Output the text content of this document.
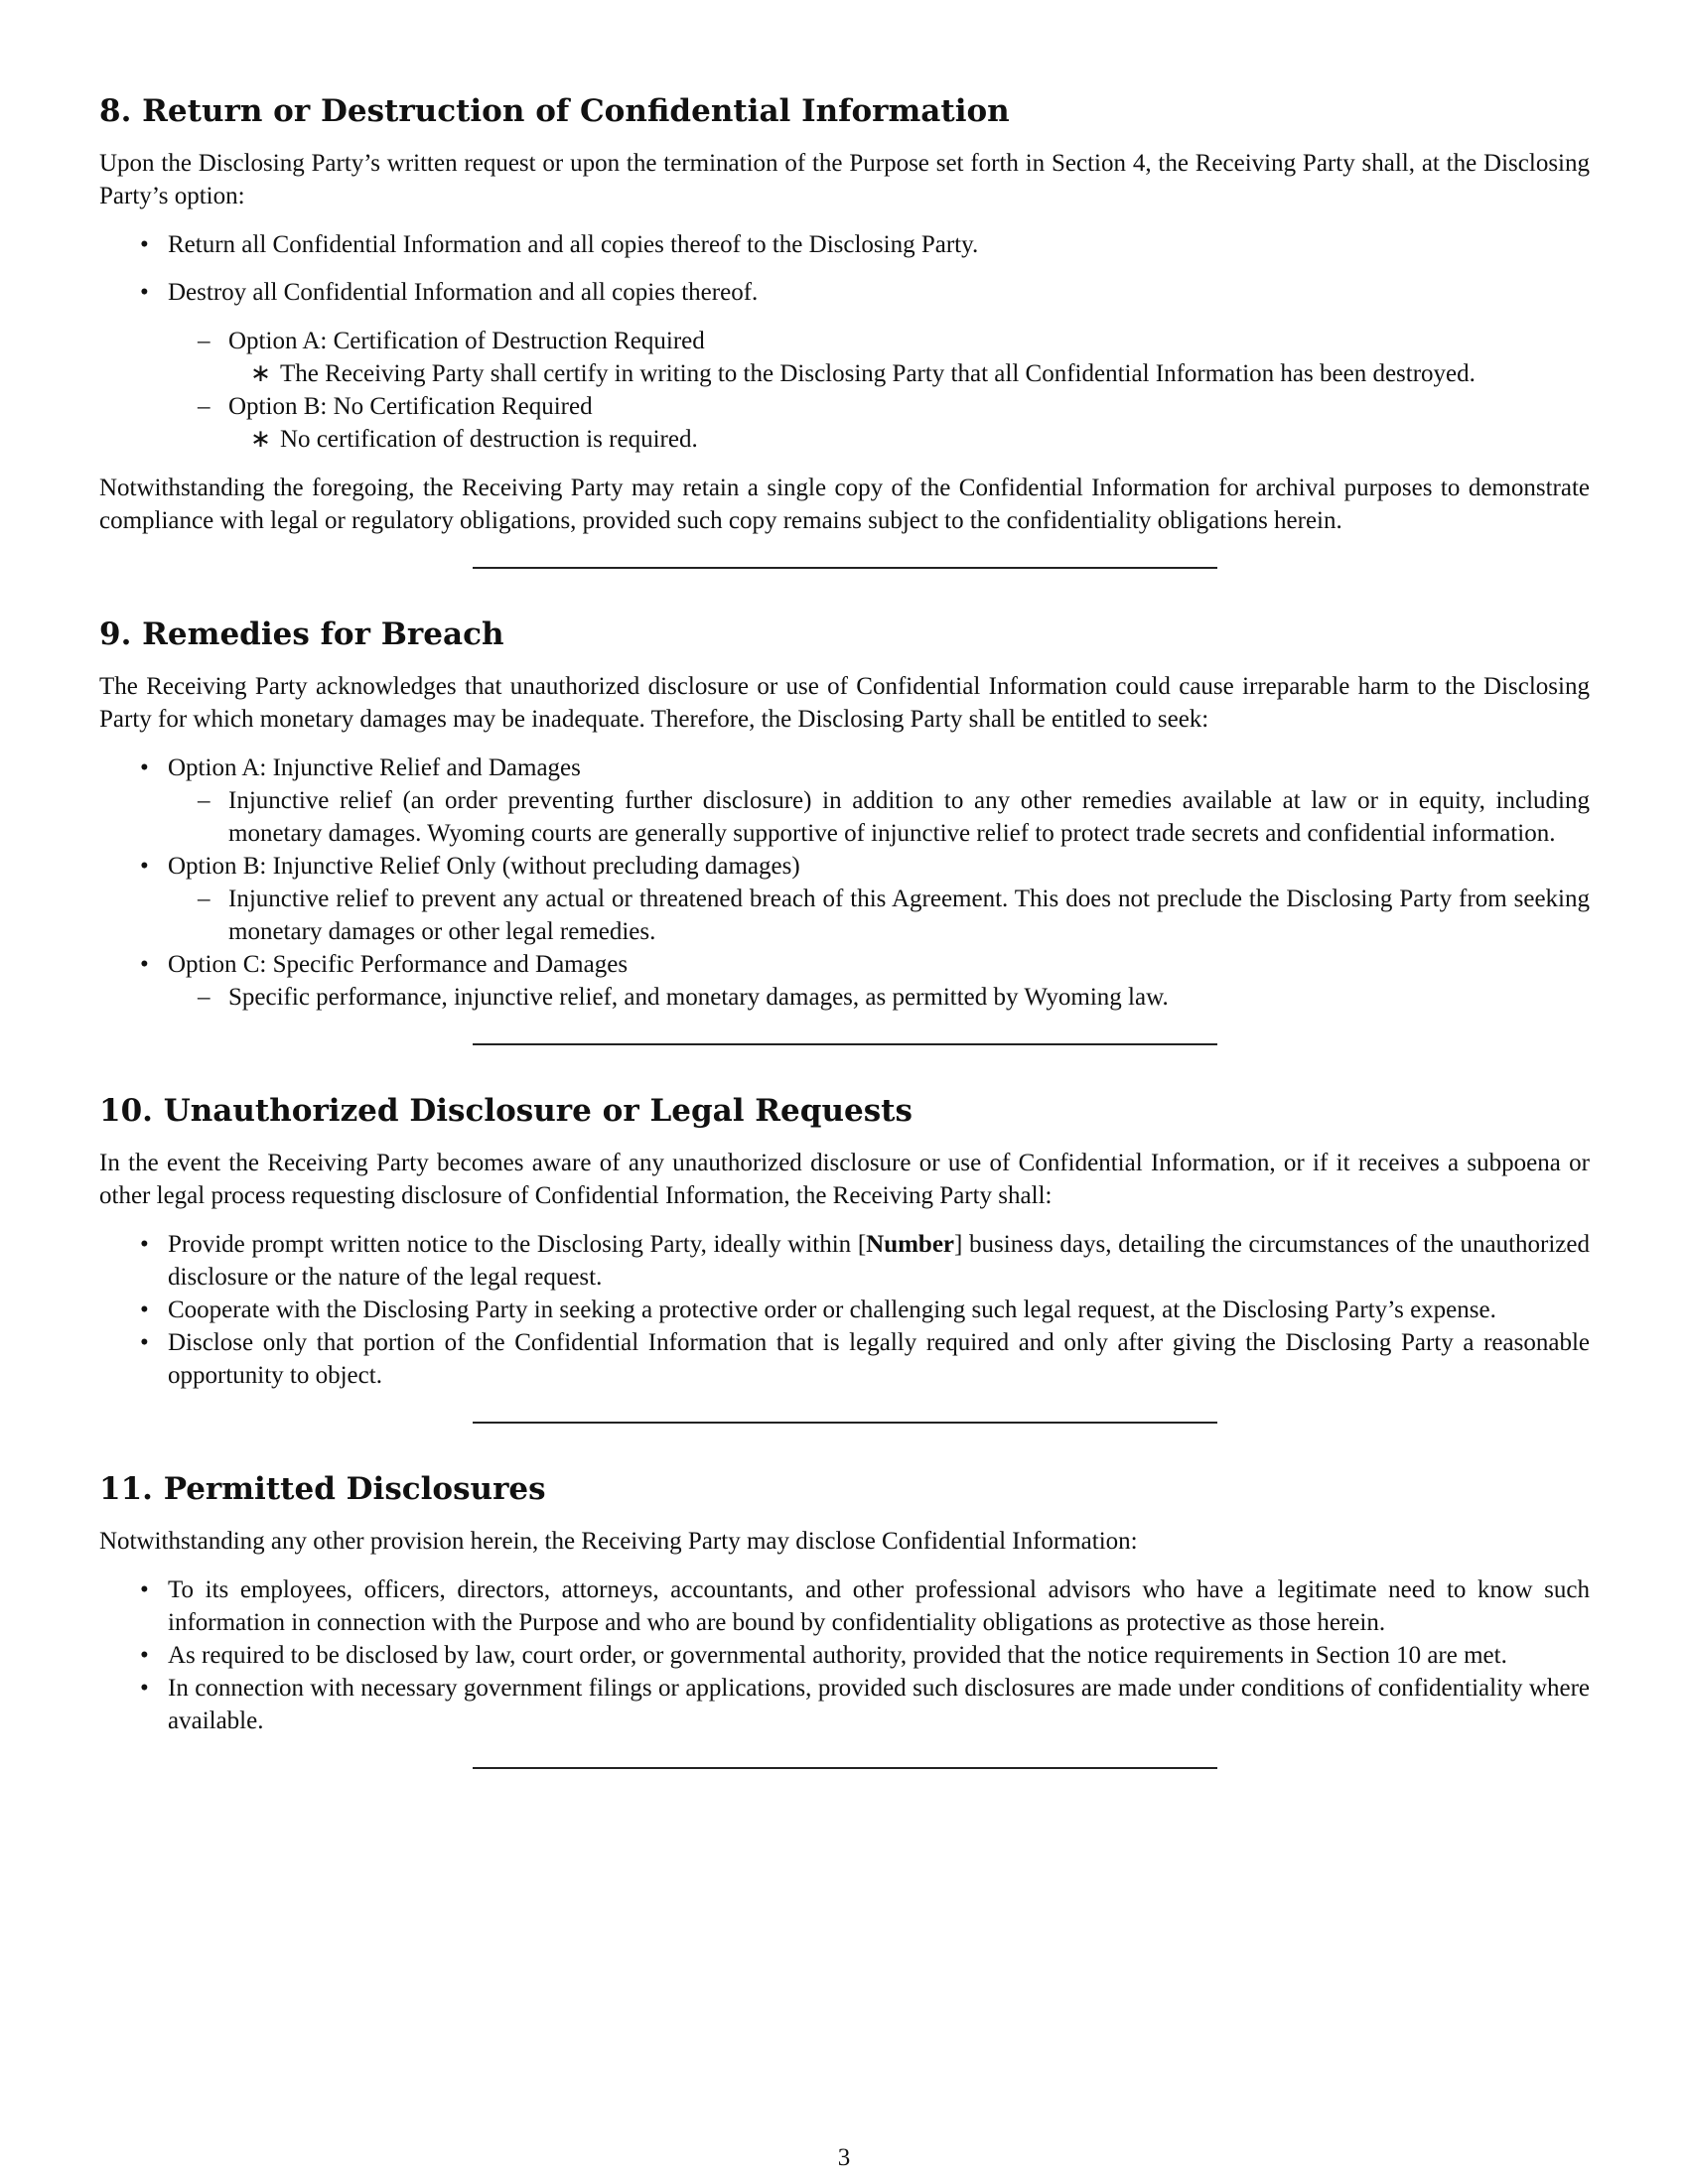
8. Return or Destruction of Confidential Information

Upon the Disclosing Party’s written request or upon the termination of the Purpose set forth in Section 4, the Receiving Party shall, at the Disclosing Party’s option:

• Return all Confidential Information and all copies thereof to the Disclosing Party.
• Destroy all Confidential Information and all copies thereof.
– Option A: Certification of Destruction Required
∗ The Receiving Party shall certify in writing to the Disclosing Party that all Confidential Information has been destroyed.
– Option B: No Certification Required
∗ No certification of destruction is required.

Notwithstanding the foregoing, the Receiving Party may retain a single copy of the Confidential Information for archival purposes to demonstrate compliance with legal or regulatory obligations, provided such copy remains subject to the confidentiality obligations herein.

9. Remedies for Breach

The Receiving Party acknowledges that unauthorized disclosure or use of Confidential Information could cause irreparable harm to the Disclosing Party for which monetary damages may be inadequate. Therefore, the Disclosing Party shall be entitled to seek:

• Option A: Injunctive Relief and Damages
– Injunctive relief (an order preventing further disclosure) in addition to any other remedies available at law or in equity, including monetary damages. Wyoming courts are generally supportive of injunctive relief to protect trade secrets and confidential information.
• Option B: Injunctive Relief Only (without precluding damages)
– Injunctive relief to prevent any actual or threatened breach of this Agreement. This does not preclude the Disclosing Party from seeking monetary damages or other legal remedies.
• Option C: Specific Performance and Damages
– Specific performance, injunctive relief, and monetary damages, as permitted by Wyoming law.
10. Unauthorized Disclosure or Legal Requests

In the event the Receiving Party becomes aware of any unauthorized disclosure or use of Confidential Information, or if it receives a subpoena or other legal process requesting disclosure of Confidential Information, the Receiving Party shall:

• Provide prompt written notice to the Disclosing Party, ideally within [Number] business days, detailing the circumstances of the unauthorized disclosure or the nature of the legal request.
• Cooperate with the Disclosing Party in seeking a protective order or challenging such legal request, at the Disclosing Party’s expense.
• Disclose only that portion of the Confidential Information that is legally required and only after giving the Disclosing Party a reasonable opportunity to object.
11. Permitted Disclosures

Notwithstanding any other provision herein, the Receiving Party may disclose Confidential Information:

• To its employees, officers, directors, attorneys, accountants, and other professional advisors who have a legitimate need to know such information in connection with the Purpose and who are bound by confidentiality obligations as protective as those herein.
• As required to be disclosed by law, court order, or governmental authority, provided that the notice requirements in Section 10 are met.
• In connection with necessary government filings or applications, provided such disclosures are made under conditions of confidentiality where available.
3
